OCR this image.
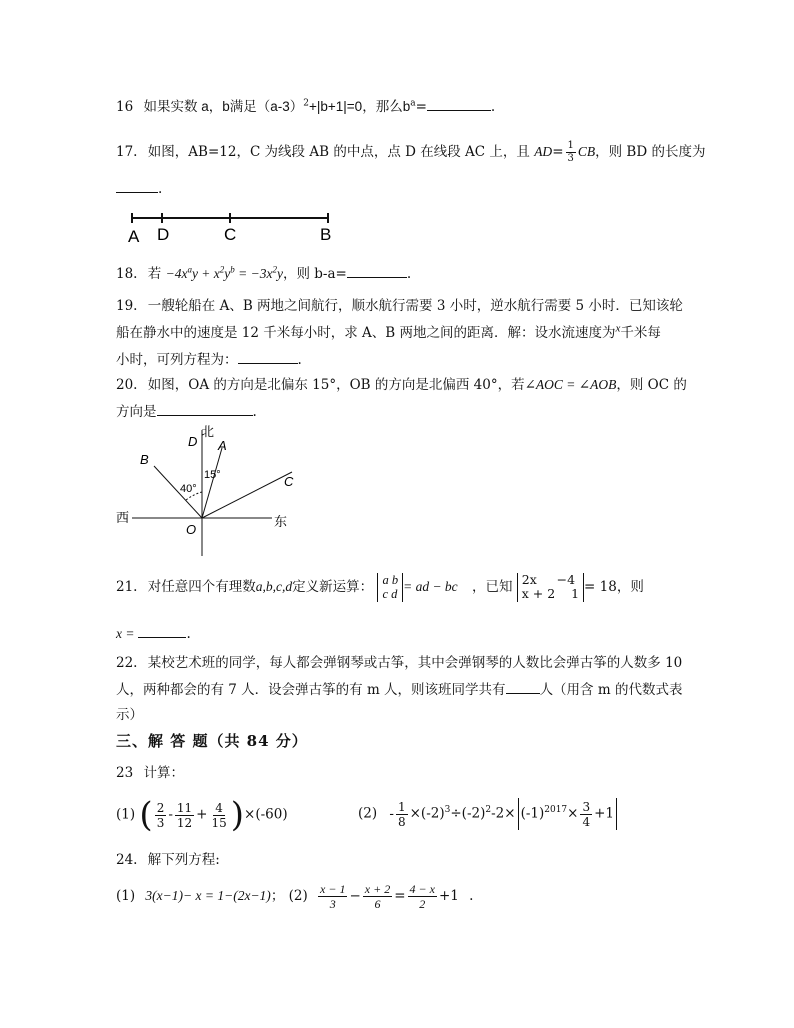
16 如果实数 a，b满足$(a-3)^2+|b+1|=0$，那么$b^a=$	.
17. 如图，AB=12，C 为线段 AB 的中点，点 D 在线段 AC 上，且 $AD= \frac{1}{3}$ CB，则 BD 的长度为
.
A D	C	B
18. 若 $-4x^ay + x^2y^b = -3x^2y$，则 b-a=	.
19. 一艘轮船在 A、B 两地之间航行，顺水航行需要 3 小时，逆水航行需要 5 小时．已知该轮
船在静水中的速度是 12 千米每小时，求 A、B 两地之间的距离．解：设水流速度为$^x$千米每
小时，可列方程为：	.
20. 如图，OA 的方向是北偏东 15°，OB 的方向是北偏西 40°，若∠AOC = ∠AOB，则 OC 的
方向是	.
北
D A
B
C
15°
40°
西	东
O
21. 对任意四个有理数a,b,c,d定义新运算： a b
c d
= ad − bc ，已知 2x     −4
x + 2    1 = 18，则
x =	.
22. 某校艺术班的同学，每人都会弹钢琴或古筝，其中会弹钢琴的人数比会弹古筝的人数多 10
人，两种都会的有 7 人．设会弹古筝的有 m 人，则该班同学共有	人（用含 m 的代数式表
示）
三、解 答 题（共 84 分）
23 计算：
(1) ( $\frac{2}{3} - \frac{11}{12} + \frac{4}{15} )\times(-60)$	$(2) - \frac{1}{8} \times(-2)^3\div(-2)^2-2\times (-1)^{2017}\times \frac{3}{4} +1$
24. 解下列方程:
(1) 3(x−1)− x = 1−(2x−1)； $(2) \frac{x - 1}{3} - \frac{x + 2}{6} = \frac{4 - x}{2} +1$ .
